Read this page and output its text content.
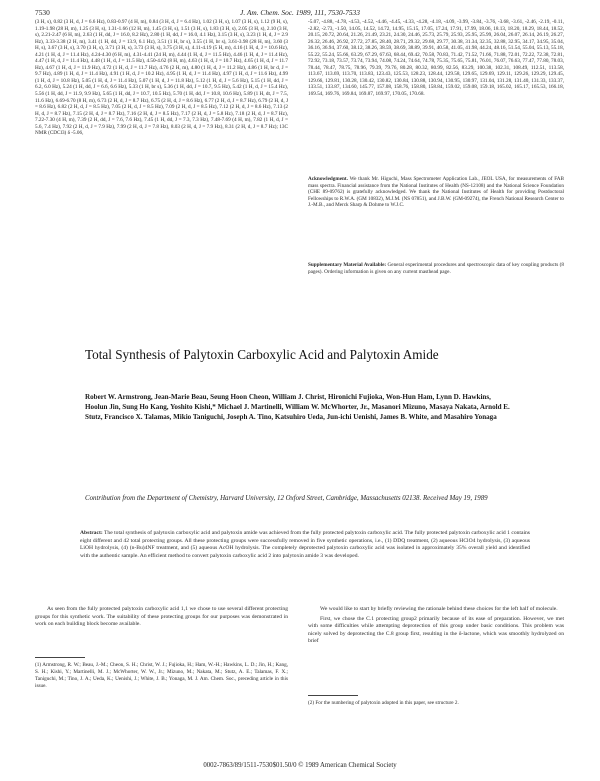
J. Am. Chem. Soc. 1989, 111, 7530-7533
7530
(3 H, s), 0.82 (3 H, d, J = 6.6 Hz), 0.83-0.97 (4 H, m), 0.84 (3 H, d, J = 6.4 Hz), 1.02 (3 H, s), 1.07 (3 H, s), 1.12 (9 H, s), 1.19-1.98 (28 H, m), 1.25 (3 H, s), 1.31-1.66 (12 H, m), 1.45 (3 H, s), 1.51 (3 H, s), 1.83 (3 H, s), 2.05 (3 H, s), 2.10 (3 H, s), 2.21-2.47 (6 H, m), 2.63 (1 H, dd, J = 16.0, 8.2 Hz), 2.80 (1 H, dd, J = 16.0, 4.1 Hz), 3.15 (3 H, s), 3.23 (1 H, d, J = 2.9 Hz), 3.33-3.38 (2 H, m), 3.41 (1 H, dd, J = 13.9, 6.1 Hz), 3.51 (1 H, br s), 3.55 (1 H, br s), 3.61-3.98 (28 H, m), 3.60 (3 H, s), 3.67 (3 H, s), 3.70 (3 H, s), 3.71 (3 H, s), 3.73 (3 H, s), 3.75 (3 H, s), 4.11-4.19 (5 H, m), 4.16 (1 H, d, J = 10.6 Hz), 4.21 (1 H, d, J = 11.4 Hz), 4.24-4.30 (6 H, m), 4.31-4.41 (24 H, m), 4.44 (1 H, d, J = 11.5 Hz), 4.46 (1 H, d, J = 11.4 Hz), 4.47 (1 H, d, J = 11.4 Hz), 4.48 (1 H, d, J = 11.5 Hz), 4.50-4.62 (8 H, m), 4.63 (1 H, d, J = 10.7 Hz), 4.65 (1 H, d, J = 11.7 Hz), 4.67 (1 H, d, J = 11.9 Hz), 4.72 (1 H, d, J = 11.7 Hz), 4.76 (2 H, m), 4.80 (1 H, d, J = 11.2 Hz), 4.86 (1 H, br d, J = 9.7 Hz), 4.89 (1 H, d, J = 11.4 Hz), 4.91 (1 H, d, J = 10.2 Hz), 4.95 (1 H, d, J = 11.4 Hz), 4.97 (1 H, d, J = 11.6 Hz), 4.99 (1 H, d, J = 10.8 Hz), 5.05 (1 H, d, J = 11.4 Hz), 5.07 (1 H, d, J = 11.8 Hz), 5.12 (1 H, d, J = 5.6 Hz), 5.15 (1 H, dd, J = 6.2, 6.0 Hz), 5.24 (1 H, dd, J = 6.6, 6.6 Hz), 5.33 (1 H, br s), 5.36 (1 H, dd, J = 10.7, 9.5 Hz), 5.42 (1 H, d, J = 15.4 Hz), 5.56 (1 H, dd, J = 11.9, 9.9 Hz), 5.65 (1 H, dd, J = 10.7, 10.5 Hz), 5.70 (1 H, dd, J = 10.8, 10.6 Hz), 5.89 (1 H, dt, J = 7.5, 11.6 Hz), 6.69-6.70 (8 H, m), 6.73 (2 H, d, J = 8.7 Hz), 6.75 (2 H, d, J = 8.6 Hz), 6.77 (2 H, d, J = 8.7 Hz), 6.79 (2 H, d, J = 8.6 Hz), 6.82 (2 H, d, J = 8.5 Hz), 7.05 (2 H, d, J = 8.5 Hz), 7.09 (2 H, d, J = 8.5 Hz), 7.12 (2 H, d, J = 8.6 Hz), 7.13 (2 H, d, J = 8.7 Hz), 7.15 (2 H, d, J = 8.7 Hz), 7.16 (2 H, d, J = 8.5 Hz), 7.17 (2 H, d, J = 5.8 Hz), 7.18 (2 H, d, J = 8.7 Hz), 7.22-7.30 (4 H, m), 7.39 (2 H, dd, J = 7.6, 7.6 Hz), 7.45 (1 H, dd, J = 7.3, 7.3 Hz), 7.48-7.69 (4 H, m), 7.82 (1 H, d, J = 5.6, 7.4 Hz), 7.92 (2 H, d, J = 7.9 Hz), 7.99 (2 H, d, J = 7.8 Hz), 8.03 (2 H, d, J = 7.9 Hz), 8.31 (2 H, d, J = 8.7 Hz); 13C NMR (CDCl3) δ -5.06,
-5.07, -4.88, -4.78, -4.53, -4.52, -4.46, -4.45, -4.33, -4.28, -4.18, -4.09, -3.99, -3.84, -3.76, -3.68, -3.61, -2.46, -2.19, -0.11, -2.82, -2.73, -1.50, 14.05, 14.52, 14.72, 14.95, 15.15, 17.05, 17.24, 17.91, 17.99, 18.06, 18.13, 18.20, 18.29, 18.44, 18.52, 20.15, 20.72, 20.64, 21.26, 21.49, 23.21, 24.30, 24.46, 25.73, 25.79, 25.93, 25.95, 25.99, 26.04, 26.07, 26.14, 26.19, 26.27, 26.32, 26.46, 26.92, 27.72, 27.85, 28.40, 28.71, 29.32, 29.68, 29.77, 30.38, 31.34, 32.35, 32.88, 32.95, 34.17, 34.95, 35.04, 36.16, 36.94, 37.60, 38.12, 38.26, 38.59, 38.69, 38.89, 39.91, 40.58, 41.05, 41.98, 44.24, 48.16, 51.54, 55.04, 55.13, 55.18, 55.22, 55.24, 55.66, 63.29, 67.29, 67.63, 68.44, 69.42, 70.58, 70.83, 71.42, 71.52, 71.66, 71.88, 72.01, 72.22, 72.38, 72.81, 72.92, 73.18, 73.57, 73.74, 73.94, 74.08, 74.24, 74.64, 74.78, 75.35, 75.65, 75.81, 76.01, 76.07, 76.63, 77.47, 77.80, 78.03, 78.44, 78.47, 78.75, 78.96, 79.39, 79.76, 80.28, 80.32, 80.99, 82.56, 83.29, 100.38, 102.31, 108.49, 112.51, 113.58, 113.67, 113.69, 113.70, 113.83, 123.43, 125.53, 128.23, 128.44, 129.58, 129.65, 129.69, 129.11, 129.26, 129.29, 129.45, 129.66, 129.81, 130.28, 130.42, 130.82, 130.84, 130.88, 130.94, 130.95, 130.97, 131.04, 131.28, 131.40, 131.33, 133.37, 133.51, 133.87, 134.60, 145.77, 157.08, 158.76, 158.80, 158.84, 159.02, 159.08, 159.18, 165.02, 165.17, 165.53, 166.18, 169.54, 169.76, 169.84, 169.87, 169.97, 170.05, 170.68.
Acknowledgment. We thank Mr. Higuchi, Mass Spectrometer Application Lab., JEOL USA, for measurements of FAB mass spectra. Financial assistance from the National Institutes of Health (NS-12108) and the National Science Foundation (CHE 89-09762) is gratefully acknowledged. We thank the National Institutes of Health for providing Postdoctoral Fellowships to R.W.A. (GM 10832), M.J.M. (NS 07851), and J.B.W. (GM-09274), the French National Research Center to J.-M.B., and Merck Sharp & Dohme to W.J.C.
Supplementary Material Available: General experimental procedures and spectroscopic data of key coupling products (8 pages). Ordering information is given on any current masthead page.
Total Synthesis of Palytoxin Carboxylic Acid and Palytoxin Amide
Robert W. Armstrong, Jean-Marie Beau, Seung Hoon Cheon, William J. Christ, Hironichi Fujioka, Won-Hun Ham, Lynn D. Hawkins, Hoolun Jin, Sung Ho Kang, Yoshito Kishi,* Michael J. Martinelli, William W. McWhorter, Jr., Masanori Mizuno, Masaya Nakata, Arnold E. Stutz, Francisco X. Talamas, Mikio Taniguchi, Joseph A. Tino, Katsuhiro Ueda, Jun-ichi Uenishi, James B. White, and Masahiro Yonaga
Contribution from the Department of Chemistry, Harvard University, 12 Oxford Street, Cambridge, Massachusetts 02138. Received May 19, 1989
Abstract: The total synthesis of palytoxin carboxylic acid and palytoxin amide was achieved from the fully protected palytoxin carboxylic acid. The fully protected palytoxin carboxylic acid 1 contains eight different and 42 total protecting groups. All these protecting groups were successfully removed in five synthetic operations, i.e., (1) DDQ treatment, (2) aqueous HClO4 hydrolysis, (3) aqueous LiOH hydrolysis, (4) (n-Bu)4NF treatment, and (5) aqueous AcOH hydrolysis. The completely deprotected palytoxin carboxylic acid was isolated in approximately 35% overall yield and identified with the authentic sample. An efficient method to convert palytoxin carboxylic acid 2 into palytoxin amide 3 was developed.
As seen from the fully protected palytoxin carboxylic acid 1,1 we chose to use several different protecting groups for this synthetic work. The suitability of these protecting groups for our purposes was demonstrated in work on each building block become available.

We would like to start by briefly reviewing the rationale behind these choices for the left half of molecule.

First, we chose the C.1 protecting group2 primarily because of its ease of preparation. However, we met with some difficulties while attempting deprotection of this group under basic conditions. This problem was nicely solved by deprotecting the C.8 group first, resulting in the δ-lactone, which was smoothly hydrolyzed on brief

(1) Armstrong, R. W.; Beau, J.-M.; Cheon, S. H.; Christ, W. J.; Fujioka, H.; Ham, W.-H.; Hawkins, L. D.; Jin, H.; Kang, S. H.; Kishi, Y.; Martinelli, M. J.; McWhorter, W. W., Jr.; Mizuno, M.; Nakata, M.; Stutz, A. E.; Talamas, F. X.; Taniguchi, M.; Tino, J. A.; Ueda, K.; Uenishi, J.; White, J. B.; Yonaga, M. J. Am. Chem. Soc., preceding article in this issue.
(2) For the numbering of palytoxin adopted in this paper, see structure 2.
0002-7863/89/1511-7530$01.50/0 © 1989 American Chemical Society
